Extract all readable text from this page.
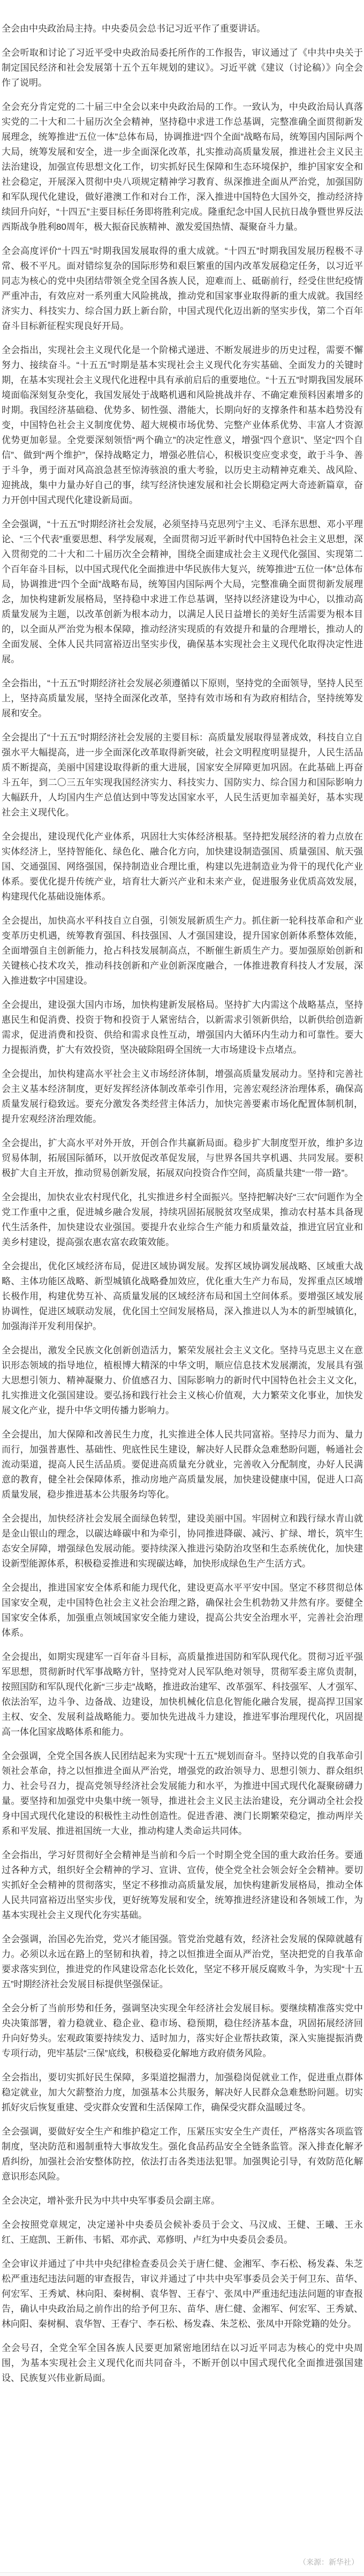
全会由中央政治局主持。中央委员会总书记习近平作了重要讲话。

全会听取和讨论了习近平受中央政治局委托所作的工作报告，审议通过了《中共中央关于制定国民经济和社会发展第十五个五年规划的建议》。习近平就《建议（讨论稿）》向全会作了说明。

全会充分肯定党的二十届三中全会以来中央政治局的工作。一致认为，中央政治局认真落实党的二十大和二十届历次全会精神，坚持稳中求进工作总基调，完整准确全面贯彻新发展理念，统筹推进“五位一体”总体布局，协调推进“四个全面”战略布局，统筹国内国际两个大局，统筹发展和安全，进一步全面深化改革，扎实推动高质量发展，推进社会主义民主法治建设，加强宣传思想文化工作，切实抓好民生保障和生态环境保护，维护国家安全和社会稳定，开展深入贯彻中央八项规定精神学习教育、纵深推进全面从严治党，加强国防和军队现代化建设，做好港澳工作和对台工作，深入推进中国特色大国外交，推动经济持续回升向好，“十四五”主要目标任务即将胜利完成。隆重纪念中国人民抗日战争暨世界反法西斯战争胜利80周年，极大振奋民族精神、激发爱国热情、凝聚奋斗力量。

全会高度评价“十四五”时期我国发展取得的重大成就。“十四五”时期我国发展历程极不寻常、极不平凡。面对错综复杂的国际形势和艰巨繁重的国内改革发展稳定任务，以习近平同志为核心的党中央团结带领全党全国各族人民，迎难而上、砥砺前行，经受住世纪疫情严重冲击，有效应对一系列重大风险挑战，推动党和国家事业取得新的重大成就。我国经济实力、科技实力、综合国力跃上新台阶，中国式现代化迈出新的坚实步伐，第二个百年奋斗目标新征程实现良好开局。

全会指出，实现社会主义现代化是一个阶梯式递进、不断发展进步的历史过程，需要不懈努力、接续奋斗。“十五五”时期是基本实现社会主义现代化夯实基础、全面发力的关键时期，在基本实现社会主义现代化进程中具有承前启后的重要地位。“十五五”时期我国发展环境面临深刻复杂变化，我国发展处于战略机遇和风险挑战并存、不确定难预料因素增多的时期。我国经济基础稳、优势多、韧性强、潜能大，长期向好的支撑条件和基本趋势没有变，中国特色社会主义制度优势、超大规模市场优势、完整产业体系优势、丰富人才资源优势更加彰显。全党要深刻领悟“两个确立”的决定性意义，增强“四个意识”、坚定“四个自信”、做到“两个维护”，保持战略定力，增强必胜信心，积极识变应变求变，敢于斗争、善于斗争，勇于面对风高浪急甚至惊涛骇浪的重大考验，以历史主动精神克难关、战风险、迎挑战，集中力量办好自己的事，续写经济快速发展和社会长期稳定两大奇迹新篇章，奋力开创中国式现代化建设新局面。

全会强调，“十五五”时期经济社会发展，必须坚持马克思列宁主义、毛泽东思想、邓小平理论、“三个代表”重要思想、科学发展观，全面贯彻习近平新时代中国特色社会主义思想，深入贯彻党的二十大和二十届历次全会精神，围绕全面建成社会主义现代化强国、实现第二个百年奋斗目标，以中国式现代化全面推进中华民族伟大复兴，统筹推进“五位一体”总体布局，协调推进“四个全面”战略布局，统筹国内国际两个大局，完整准确全面贯彻新发展理念，加快构建新发展格局，坚持稳中求进工作总基调，坚持以经济建设为中心，以推动高质量发展为主题，以改革创新为根本动力，以满足人民日益增长的美好生活需要为根本目的，以全面从严治党为根本保障，推动经济实现质的有效提升和量的合理增长，推动人的全面发展、全体人民共同富裕迈出坚实步伐，确保基本实现社会主义现代化取得决定性进展。

全会指出，“十五五”时期经济社会发展必须遵循以下原则，坚持党的全面领导，坚持人民至上，坚持高质量发展，坚持全面深化改革，坚持有效市场和有为政府相结合，坚持统筹发展和安全。

全会提出了“十五五”时期经济社会发展的主要目标：高质量发展取得显著成效，科技自立自强水平大幅提高，进一步全面深化改革取得新突破，社会文明程度明显提升，人民生活品质不断提高，美丽中国建设取得新的重大进展，国家安全屏障更加巩固。在此基础上再奋斗五年，到二〇三五年实现我国经济实力、科技实力、国防实力、综合国力和国际影响力大幅跃升，人均国内生产总值达到中等发达国家水平，人民生活更加幸福美好，基本实现社会主义现代化。

全会提出，建设现代化产业体系，巩固壮大实体经济根基。坚持把发展经济的着力点放在实体经济上，坚持智能化、绿色化、融合化方向，加快建设制造强国、质量强国、航天强国、交通强国、网络强国，保持制造业合理比重，构建以先进制造业为骨干的现代化产业体系。要优化提升传统产业，培育壮大新兴产业和未来产业，促进服务业优质高效发展，构建现代化基础设施体系。

全会提出，加快高水平科技自立自强，引领发展新质生产力。抓住新一轮科技革命和产业变革历史机遇，统筹教育强国、科技强国、人才强国建设，提升国家创新体系整体效能，全面增强自主创新能力，抢占科技发展制高点，不断催生新质生产力。要加强原始创新和关键核心技术攻关，推动科技创新和产业创新深度融合，一体推进教育科技人才发展，深入推进数字中国建设。

全会提出，建设强大国内市场，加快构建新发展格局。坚持扩大内需这个战略基点，坚持惠民生和促消费、投资于物和投资于人紧密结合，以新需求引领新供给，以新供给创造新需求，促进消费和投资、供给和需求良性互动，增强国内大循环内生动力和可靠性。要大力提振消费，扩大有效投资，坚决破除阻碍全国统一大市场建设卡点堵点。

全会提出，加快构建高水平社会主义市场经济体制，增强高质量发展动力。坚持和完善社会主义基本经济制度，更好发挥经济体制改革牵引作用，完善宏观经济治理体系，确保高质量发展行稳致远。要充分激发各类经营主体活力，加快完善要素市场化配置体制机制，提升宏观经济治理效能。

全会提出，扩大高水平对外开放，开创合作共赢新局面。稳步扩大制度型开放，维护多边贸易体制，拓展国际循环，以开放促改革促发展，与世界各国共享机遇、共同发展。要积极扩大自主开放，推动贸易创新发展，拓展双向投资合作空间，高质量共建“一带一路”。

全会提出，加快农业农村现代化，扎实推进乡村全面振兴。坚持把解决好“三农”问题作为全党工作重中之重，促进城乡融合发展，持续巩固拓展脱贫攻坚成果，推动农村基本具备现代生活条件，加快建设农业强国。要提升农业综合生产能力和质量效益，推进宜居宜业和美乡村建设，提高强农惠农富农政策效能。

全会提出，优化区域经济布局，促进区域协调发展。发挥区域协调发展战略、区域重大战略、主体功能区战略、新型城镇化战略叠加效应，优化重大生产力布局，发挥重点区域增长极作用，构建优势互补、高质量发展的区域经济布局和国土空间体系。要增强区域发展协调性，促进区域联动发展，优化国土空间发展格局，深入推进以人为本的新型城镇化，加强海洋开发利用保护。

全会提出，激发全民族文化创新创造活力，繁荣发展社会主义文化。坚持马克思主义在意识形态领域的指导地位，植根博大精深的中华文明，顺应信息技术发展潮流，发展具有强大思想引领力、精神凝聚力、价值感召力、国际影响力的新时代中国特色社会主义文化，扎实推进文化强国建设。要弘扬和践行社会主义核心价值观，大力繁荣文化事业，加快发展文化产业，提升中华文明传播力影响力。

全会提出，加大保障和改善民生力度，扎实推进全体人民共同富裕。坚持尽力而为、量力而行，加强普惠性、基础性、兜底性民生建设，解决好人民群众急难愁盼问题，畅通社会流动渠道，提高人民生活品质。要促进高质量充分就业，完善收入分配制度，办好人民满意的教育，健全社会保障体系，推动房地产高质量发展，加快建设健康中国，促进人口高质量发展，稳步推进基本公共服务均等化。

全会提出，加快经济社会发展全面绿色转型，建设美丽中国。牢固树立和践行绿水青山就是金山银山的理念，以碳达峰碳中和为牵引，协同推进降碳、减污、扩绿、增长，筑牢生态安全屏障，增强绿色发展动能。要持续深入推进污染防治攻坚和生态系统优化，加快建设新型能源体系，积极稳妥推进和实现碳达峰，加快形成绿色生产生活方式。

全会提出，推进国家安全体系和能力现代化，建设更高水平平安中国。坚定不移贯彻总体国家安全观，走中国特色社会主义社会治理之路，确保社会生机勃勃又井然有序。要健全国家安全体系，加强重点领域国家安全能力建设，提高公共安全治理水平，完善社会治理体系。

全会提出，如期实现建军一百年奋斗目标，高质量推进国防和军队现代化。贯彻习近平强军思想，贯彻新时代军事战略方针，坚持党对人民军队绝对领导，贯彻军委主席负责制，按照国防和军队现代化新“三步走”战略，推进政治建军、改革强军、科技强军、人才强军、依法治军，边斗争、边备战、边建设，加快机械化信息化智能化融合发展，提高捍卫国家主权、安全、发展利益战略能力。要加快先进战斗力建设，推进军事治理现代化，巩固提高一体化国家战略体系和能力。

全会强调，全党全国各族人民团结起来为实现“十五五”规划而奋斗。坚持以党的自我革命引领社会革命，持之以恒推进全面从严治党，增强党的政治领导力、思想引领力、群众组织力、社会号召力，提高党领导经济社会发展能力和水平，为推进中国式现代化凝聚磅礴力量。要坚持和加强党中央集中统一领导，推进社会主义民主法治建设，充分调动全社会投身中国式现代化建设的积极性主动性创造性。促进香港、澳门长期繁荣稳定，推动两岸关系和平发展、推进祖国统一大业，推动构建人类命运共同体。

全会指出，学习好贯彻好全会精神是当前和今后一个时期全党全国的重大政治任务。要通过各种方式，组织好全会精神的学习、宣讲、宣传，使全党全社会领会好全会精神。要切实抓好全会精神的贯彻落实，坚定不移推动高质量发展，加快构建新发展格局，推动全体人民共同富裕迈出坚实步伐，更好统筹发展和安全，统筹推进经济建设和各领域工作，为基本实现社会主义现代化夯实基础。

全会强调，治国必先治党，党兴才能国强。管党治党越有效，经济社会发展的保障就越有力。必须以永远在路上的坚韧和执着，持之以恒推进全面从严治党，坚决把党的自我革命要求落实到位，推进党的作风建设常态化长效化，坚定不移开展反腐败斗争，为实现“十五五”时期经济社会发展目标提供坚强保证。

全会分析了当前形势和任务，强调坚决实现全年经济社会发展目标。要继续精准落实党中央决策部署，着力稳就业、稳企业、稳市场、稳预期，稳住经济基本盘，巩固拓展经济回升向好势头。宏观政策要持续发力、适时加力，落实好企业帮扶政策，深入实施提振消费专项行动，兜牢基层“三保”底线，积极稳妥化解地方政府债务风险。

全会指出，要切实抓好民生保障，多渠道挖掘潜力，加强稳岗促就业工作，促进重点群体稳定就业，加大欠薪整治力度，加强基本公共服务，解决好人民群众急难愁盼问题。切实抓好灾后恢复重建、受灾群众安置和生活保障工作，确保受灾群众温暖过冬。

全会强调，要做好安全生产和维护稳定工作，压紧压实安全生产责任，严格落实各项监管制度，坚决防范和遏制重特大事故发生。强化食品药品安全全链条监管。深入排查化解矛盾纠纷，加强社会治安整体防控，依法打击各类违法犯罪。加强舆论引导，有效防范化解意识形态风险。

全会决定，增补张升民为中共中央军事委员会副主席。

全会按照党章规定，决定递补中央委员会候补委员于会文、马汉成、王健、王曦、王永红、王庭凯、王新伟、韦韬、邓亦武、邓修明、卢红为中央委员会委员。

全会审议并通过了中共中央纪律检查委员会关于唐仁健、金湘军、李石松、杨发森、朱芝松严重违纪违法问题的审查报告，审议并通过了中共中央军事委员会关于何卫东、苗华、何宏军、王秀斌、林向阳、秦树桐、袁华智、王春宁、张凤中严重违纪违法问题的审查报告，确认中央政治局之前作出的给予何卫东、苗华、唐仁健、金湘军、何宏军、王秀斌、林向阳、秦树桐、袁华智、王春宁、李石松、杨发森、朱芝松、张凤中开除党籍的处分。

全会号召，全党全军全国各族人民要更加紧密地团结在以习近平同志为核心的党中央周围，为基本实现社会主义现代化而共同奋斗，不断开创以中国式现代化全面推进强国建设、民族复兴伟业新局面。

（来源：新华社）
